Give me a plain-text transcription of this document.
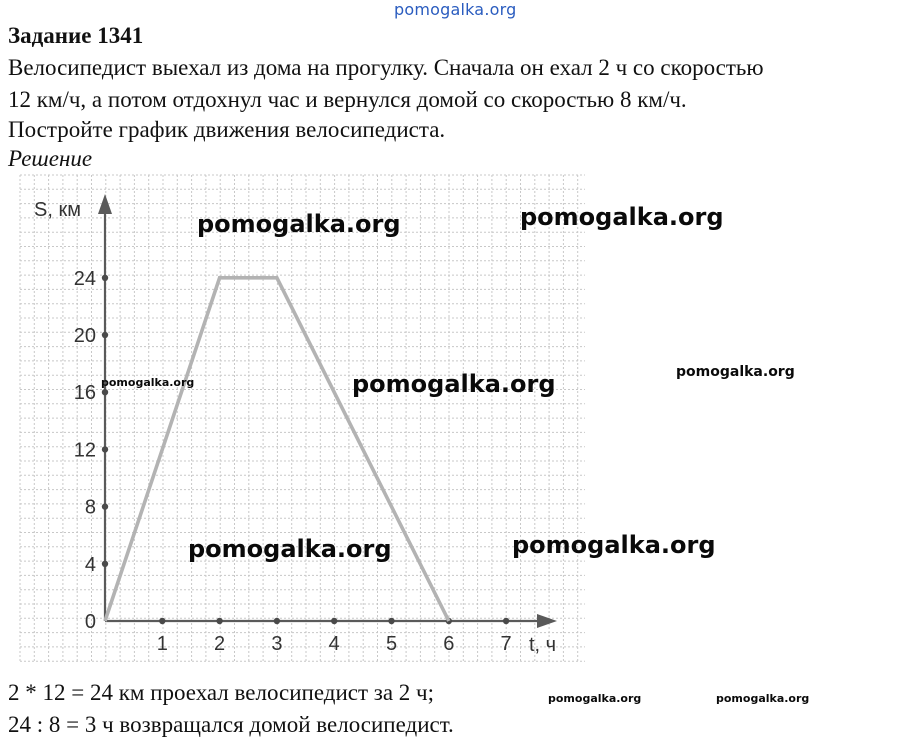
pomogalka.org
Задание 1341
Велосипедист выехал из дома на прогулку. Сначала он ехал 2 ч со скоростью
12 км/ч, а потом отдохнул час и вернулся домой со скоростью 8 км/ч.
Постройте график движения велосипедиста.
Решение
1 2 3 4 5 6 7
0
4
8
12
16
20
24
t, ч
S, км	pomogalka.org	pomogalka.org
pomogalka.org	pomogalka.org	pomogalka.org
pomogalka.org	pomogalka.org
pomogalka.org	pomogalka.org
2 * 12 = 24 км проехал велосипедист за 2 ч;
24 : 8 = 3 ч возвращался домой велосипедист.
